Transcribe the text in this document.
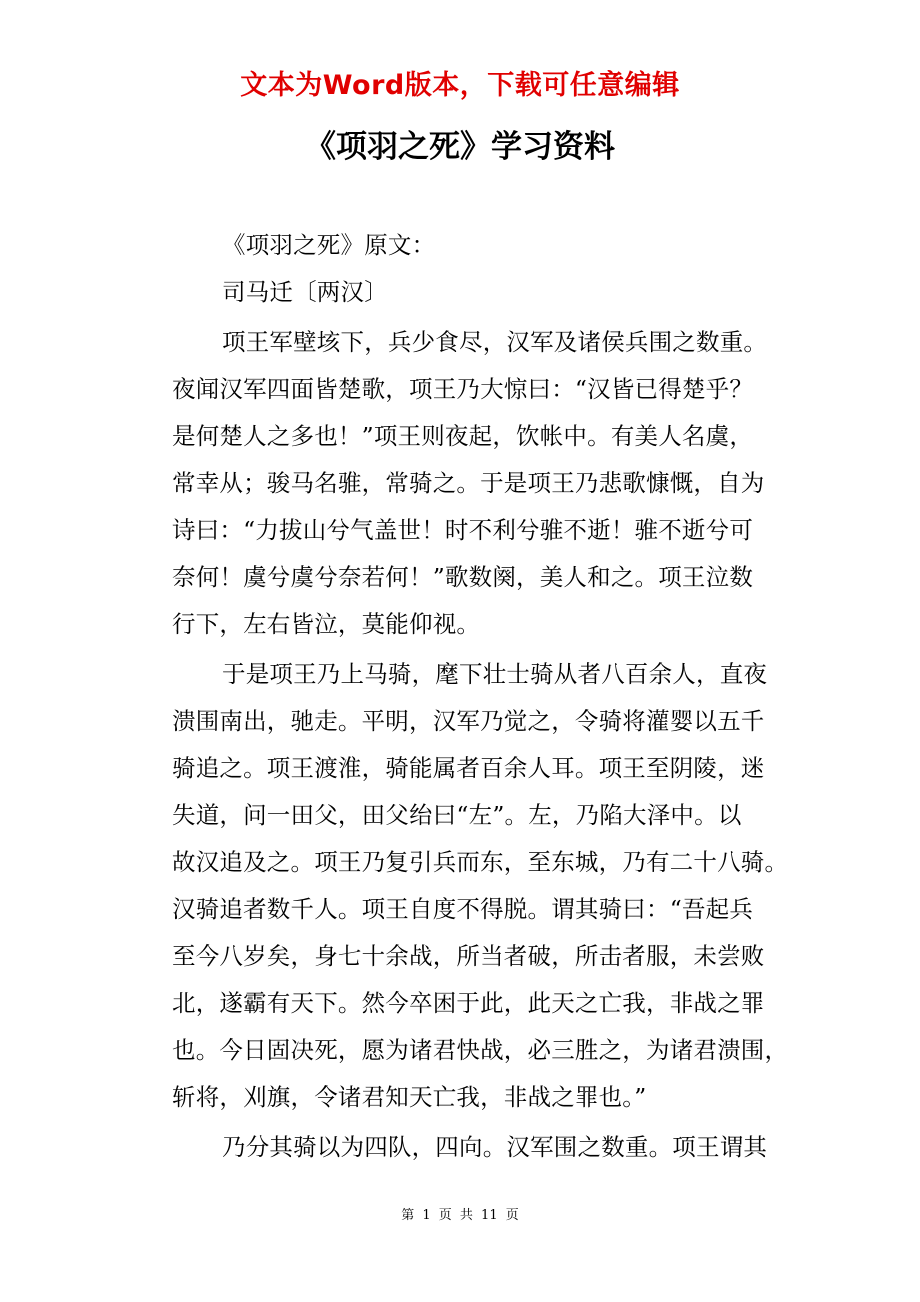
文本为Word版本，下载可任意编辑
《项羽之死》学习资料
《项羽之死》原文：
司马迁〔两汉〕
项王军壁垓下，兵少食尽，汉军及诸侯兵围之数重。
夜闻汉军四面皆楚歌，项王乃大惊曰：“汉皆已得楚乎？
是何楚人之多也！”项王则夜起，饮帐中。有美人名虞，
常幸从；骏马名骓，常骑之。于是项王乃悲歌慷慨，自为
诗曰：“力拔山兮气盖世！时不利兮骓不逝！骓不逝兮可
奈何！虞兮虞兮奈若何！”歌数阕，美人和之。项王泣数
行下，左右皆泣，莫能仰视。
于是项王乃上马骑，麾下壮士骑从者八百余人，直夜
溃围南出，驰走。平明，汉军乃觉之，令骑将灌婴以五千
骑追之。项王渡淮，骑能属者百余人耳。项王至阴陵，迷
失道，问一田父，田父绐曰“左”。左，乃陷大泽中。以
故汉追及之。项王乃复引兵而东，至东城，乃有二十八骑。
汉骑追者数千人。项王自度不得脱。谓其骑曰：“吾起兵
至今八岁矣，身七十余战，所当者破，所击者服，未尝败
北，遂霸有天下。然今卒困于此，此天之亡我，非战之罪
也。今日固决死，愿为诸君快战，必三胜之，为诸君溃围，
斩将，刈旗，令诸君知天亡我，非战之罪也。”
乃分其骑以为四队，四向。汉军围之数重。项王谓其
第 1 页 共 11 页
